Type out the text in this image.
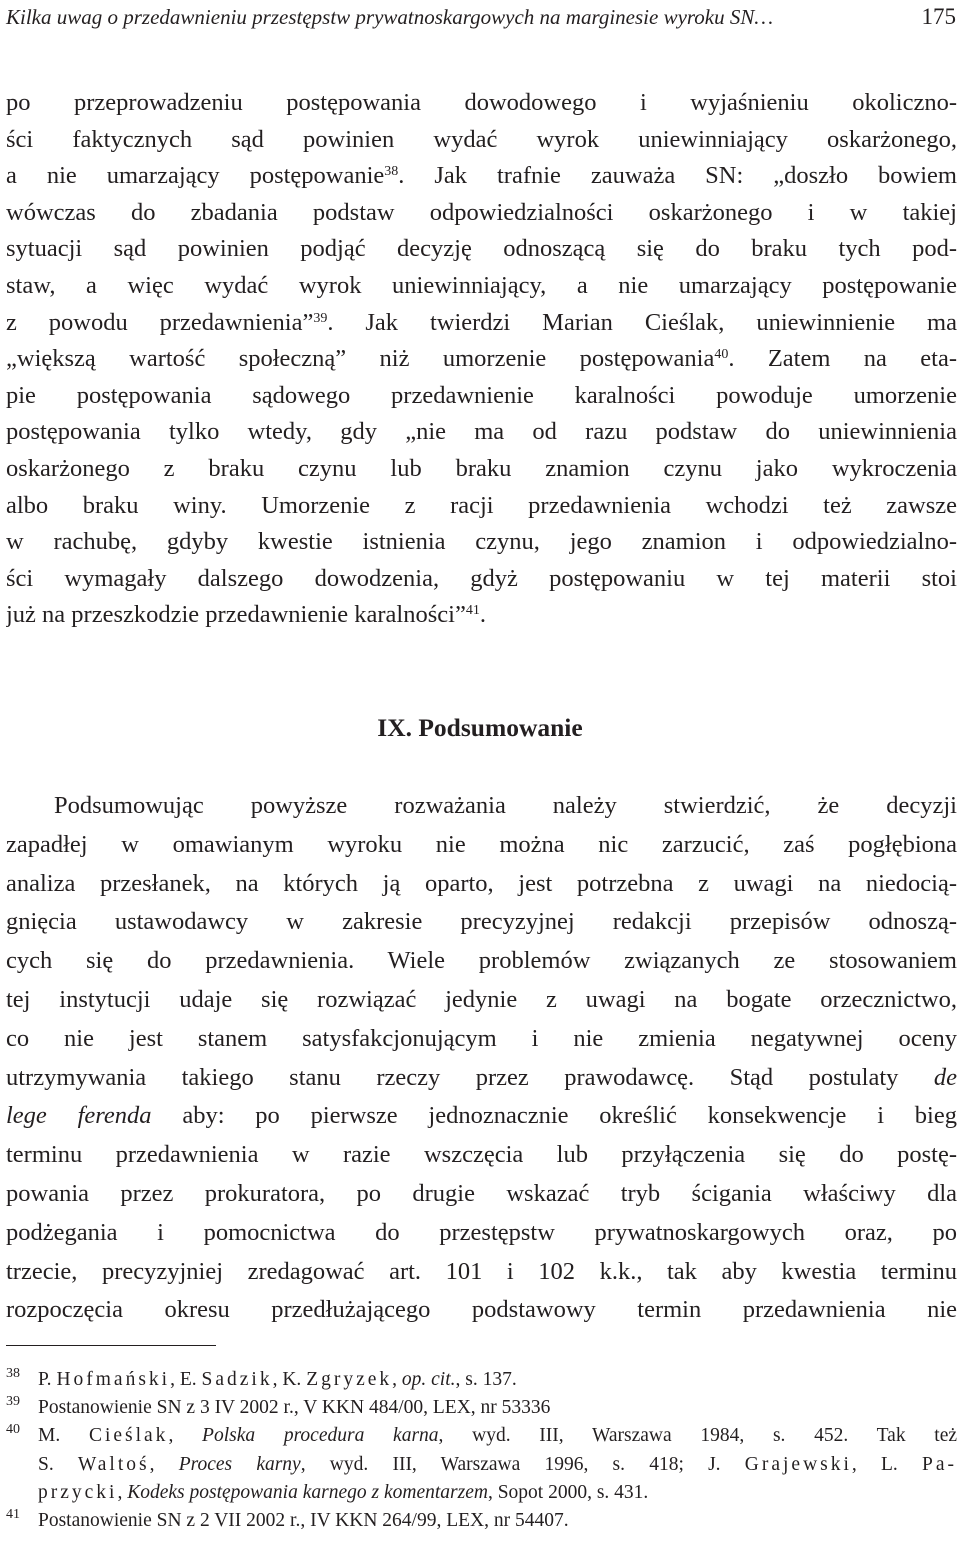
Kilka uwag o przedawnieniu przestępstw prywatnoskargowych na marginesie wyroku SN…	175
po przeprowadzeniu postępowania dowodowego i wyjaśnieniu okoliczno-
ści faktycznych sąd powinien wydać wyrok uniewinniający oskarżonego,
a nie umarzający postępowanie$^{38}$. Jak trafnie zauważa SN: „doszło bowiem
wówczas do zbadania podstaw odpowiedzialności oskarżonego i w takiej
sytuacji sąd powinien podjąć decyzję odnoszącą się do braku tych pod-
staw, a więc wydać wyrok uniewinniający, a nie umarzający postępowanie
z powodu przedawnienia”$^{39}$. Jak twierdzi Marian Cieślak, uniewinnienie ma
„większą wartość społeczną” niż umorzenie postępowania$^{40}$. Zatem na eta-
pie postępowania sądowego przedawnienie karalności powoduje umorzenie
postępowania tylko wtedy, gdy „nie ma od razu podstaw do uniewinnienia
oskarżonego z braku czynu lub braku znamion czynu jako wykroczenia
albo braku winy. Umorzenie z racji przedawnienia wchodzi też zawsze
w rachubę, gdyby kwestie istnienia czynu, jego znamion i odpowiedzialno-
ści wymagały dalszego dowodzenia, gdyż postępowaniu w tej materii stoi
już na przeszkodzie przedawnienie karalności”$^{41}$.
IX. Podsumowanie
Podsumowując powyższe rozważania należy stwierdzić, że decyzji
zapadłej w omawianym wyroku nie można nic zarzucić, zaś pogłębiona
analiza przesłanek, na których ją oparto, jest potrzebna z uwagi na niedocią-
gnięcia ustawodawcy w zakresie precyzyjnej redakcji przepisów odnoszą-
cych się do przedawnienia. Wiele problemów związanych ze stosowaniem
tej instytucji udaje się rozwiązać jedynie z uwagi na bogate orzecznictwo,
co nie jest stanem satysfakcjonującym i nie zmienia negatywnej oceny
utrzymywania takiego stanu rzeczy przez prawodawcę. Stąd postulaty de
lege ferenda aby: po pierwsze jednoznacznie określić konsekwencje i bieg
terminu przedawnienia w razie wszczęcia lub przyłączenia się do postę-
powania przez prokuratora, po drugie wskazać tryb ścigania właściwy dla
podżegania i pomocnictwa do przestępstw prywatnoskargowych oraz, po
trzecie, precyzyjniej zredagować art. 101 i 102 k.k., tak aby kwestia terminu
rozpoczęcia okresu przedłużającego podstawowy termin przedawnienia nie
38 P. Hofmański, E. Sadzik, K. Zgryzek, op. cit., s. 137.
39 Postanowienie SN z 3 IV 2002 r., V KKN 484/00, LEX, nr 53336
40 M. Cieślak, Polska procedura karna, wyd. III, Warszawa 1984, s. 452. Tak też
S. Waltoś, Proces karny, wyd. III, Warszawa 1996, s. 418; J. Grajewski, L. Pa-
przycki, Kodeks postępowania karnego z komentarzem, Sopot 2000, s. 431.
41 Postanowienie SN z 2 VII 2002 r., IV KKN 264/99, LEX, nr 54407.
